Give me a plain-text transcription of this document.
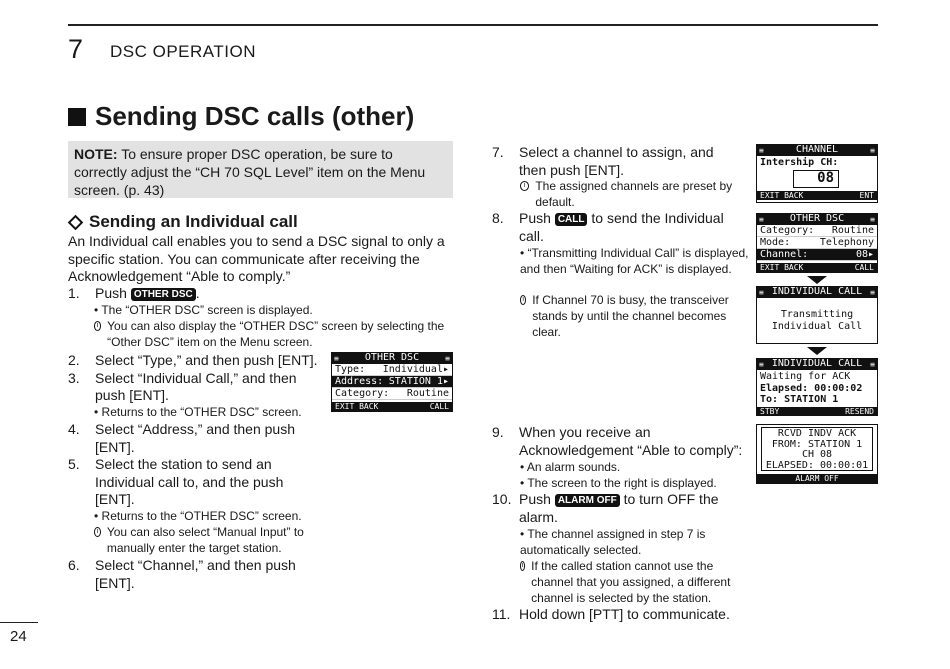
7 DSC OPERATION
Sending DSC calls (other)
NOTE: To ensure proper DSC operation, be sure to correctly adjust the “CH 70 SQL Level” item on the Menu screen. (p. 43)
Sending an Individual call
An Individual call enables you to send a DSC signal to only a specific station. You can communicate after receiving the Acknowledgement “Able to comply.”
1.	Push OTHER DSC .
• The “OTHER DSC” screen is displayed.
i You can also display the “OTHER DSC” screen by selecting the “Other DSC” item on the Menu screen.
2.	Select “Type,” and then push [ENT].
3.	Select “Individual Call,” and then push [ENT].
• Returns to the “OTHER DSC” screen.
4.	Select “Address,” and then push [ENT].
5.	Select the station to send an Individual call to, and the push [ENT].
• Returns to the “OTHER DSC” screen.
i You can also select “Manual Input” to manually enter the target station.
6.	Select “Channel,” and then push [ENT].
≡	OTHER DSC	≡
Type: Individual▸
Address: STATION 1▸
Category: Routine
EXIT BACK	CALL
7.	Select a channel to assign, and then push [ENT].
i The assigned channels are preset by default.
8.	Push CALL to send the Individual call.
• “Transmitting Individual Call” is displayed, and then “Waiting for ACK” is displayed.
i If Channel 70 is busy, the transceiver stands by until the channel becomes clear.
9.	When you receive an Acknowledgement “Able to comply”:
• An alarm sounds.
• The screen to the right is displayed.
10. Push ALARM OFF to turn OFF the alarm.
• The channel assigned in step 7 is automatically selected.
i If the called station cannot use the channel that you assigned, a different channel is selected by the station.
11. Hold down [PTT] to communicate.
≡	CHANNEL	≡
Intership CH:
08
EXIT BACK	ENT
≡	OTHER DSC	≡
Category: Routine
Mode:	Telephony
Channel:	08▸
EXIT BACK	CALL
≡ INDIVIDUAL CALL ≡
Transmitting
Individual Call
≡ INDIVIDUAL CALL ≡
Waiting for ACK
Elapsed: 00:00:02
To: STATION 1
STBY	RESEND
RCVD INDV ACK
FROM: STATION 1
CH 08
ELAPSED: 00:00:01
ALARM OFF
24
